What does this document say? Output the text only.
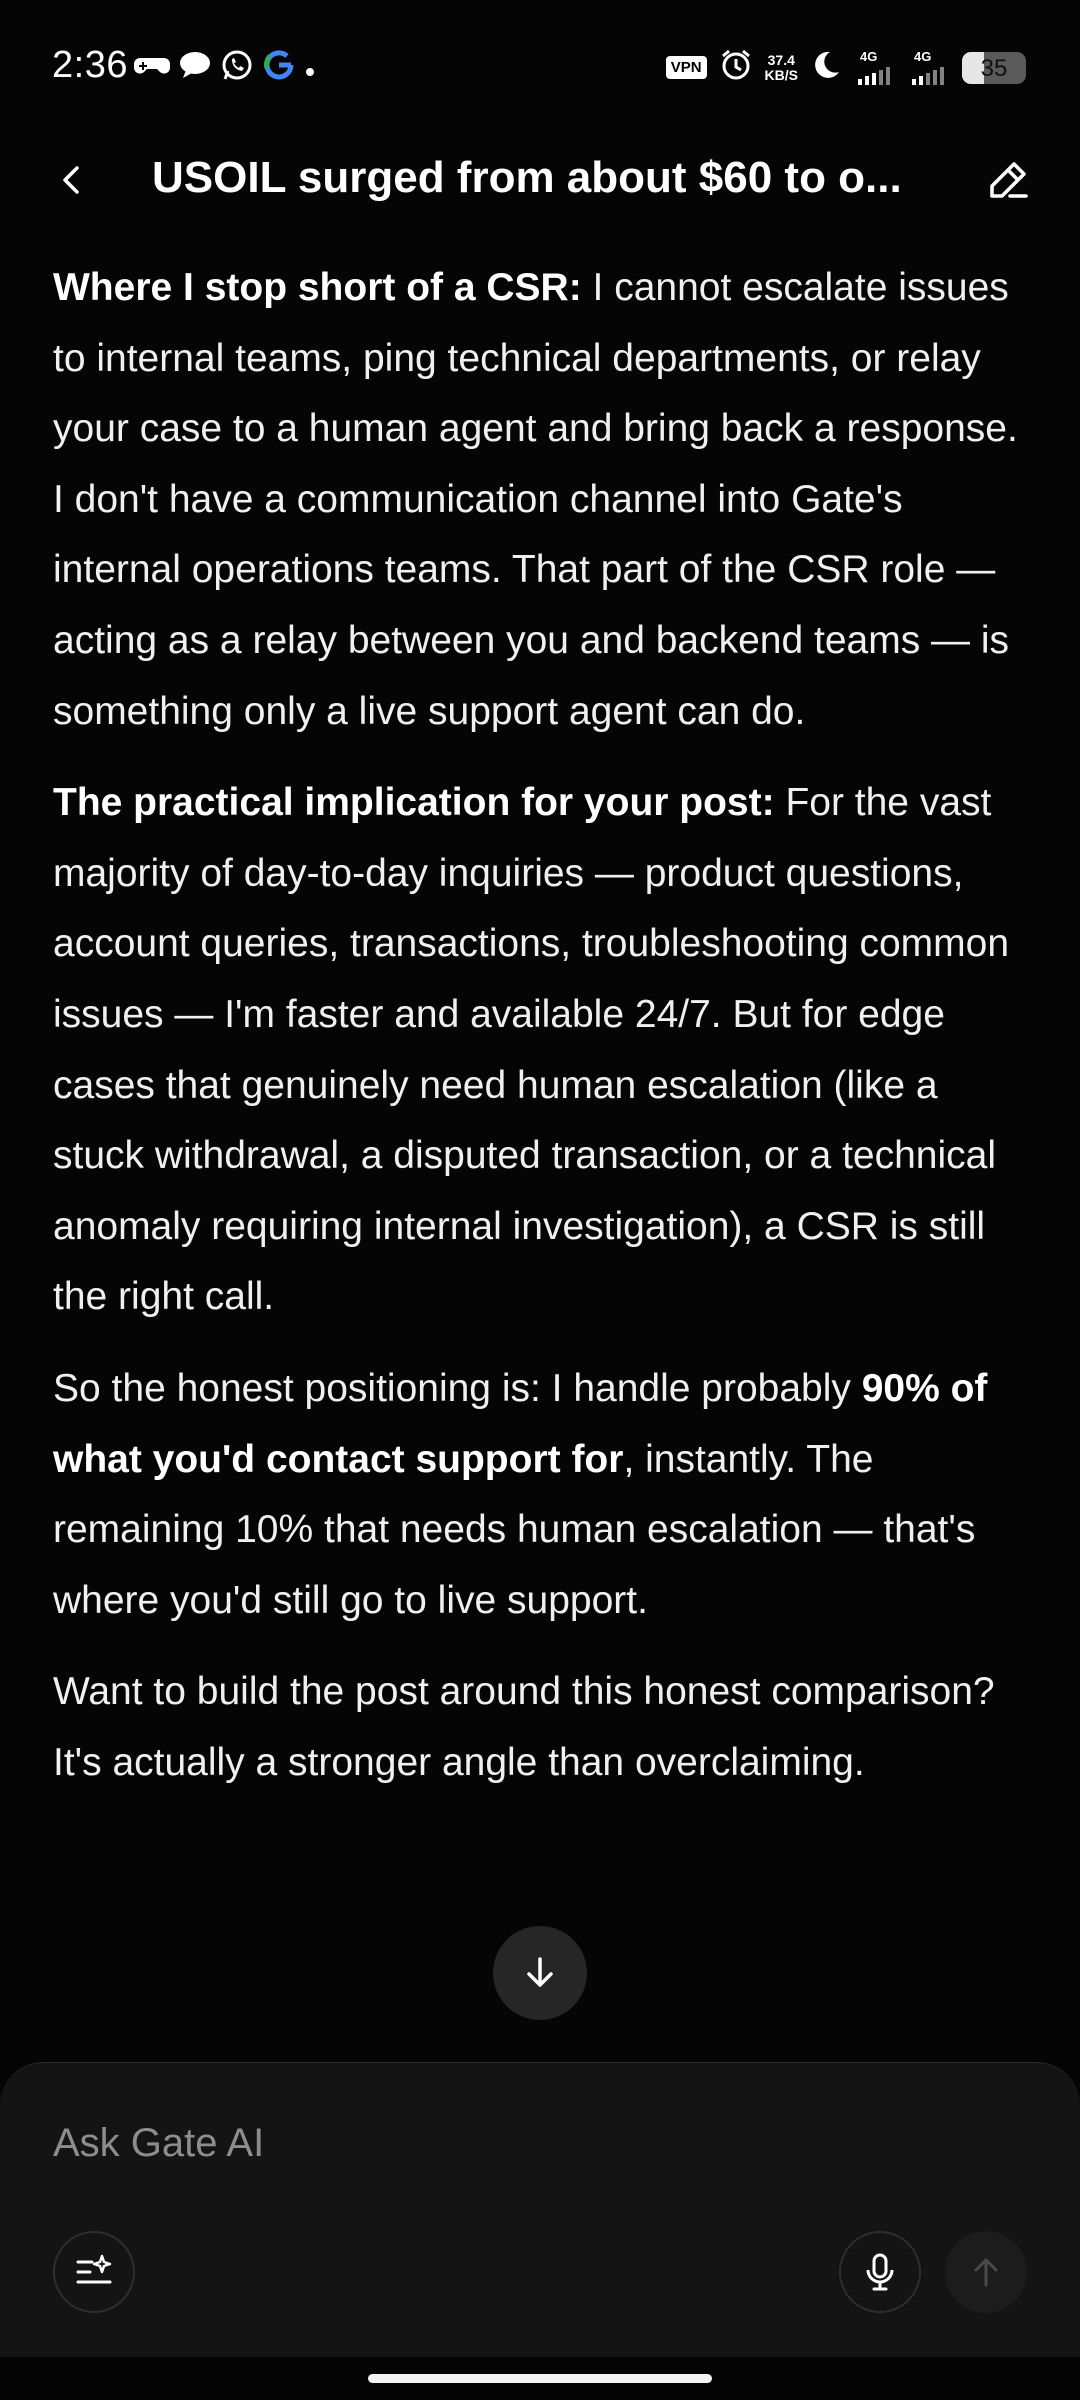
2:36	VPN	37.4
KB/S
4G	4G	35
USOIL surged from about $60 to o...

Where I stop short of a CSR: I cannot escalate issues to internal teams, ping technical departments, or relay your case to a human agent and bring back a response. I don't have a communication channel into Gate's internal operations teams. That part of the CSR role — acting as a relay between you and backend teams — is something only a live support agent can do.

The practical implication for your post: For the vast majority of day-to-day inquiries — product questions, account queries, transactions, troubleshooting common issues — I'm faster and available 24/7. But for edge cases that genuinely need human escalation (like a stuck withdrawal, a disputed transaction, or a technical anomaly requiring internal investigation), a CSR is still the right call.

So the honest positioning is: I handle probably 90% of what you'd contact support for, instantly. The remaining 10% that needs human escalation — that's where you'd still go to live support.

Want to build the post around this honest comparison? It's actually a stronger angle than overclaiming.

Ask Gate AI
